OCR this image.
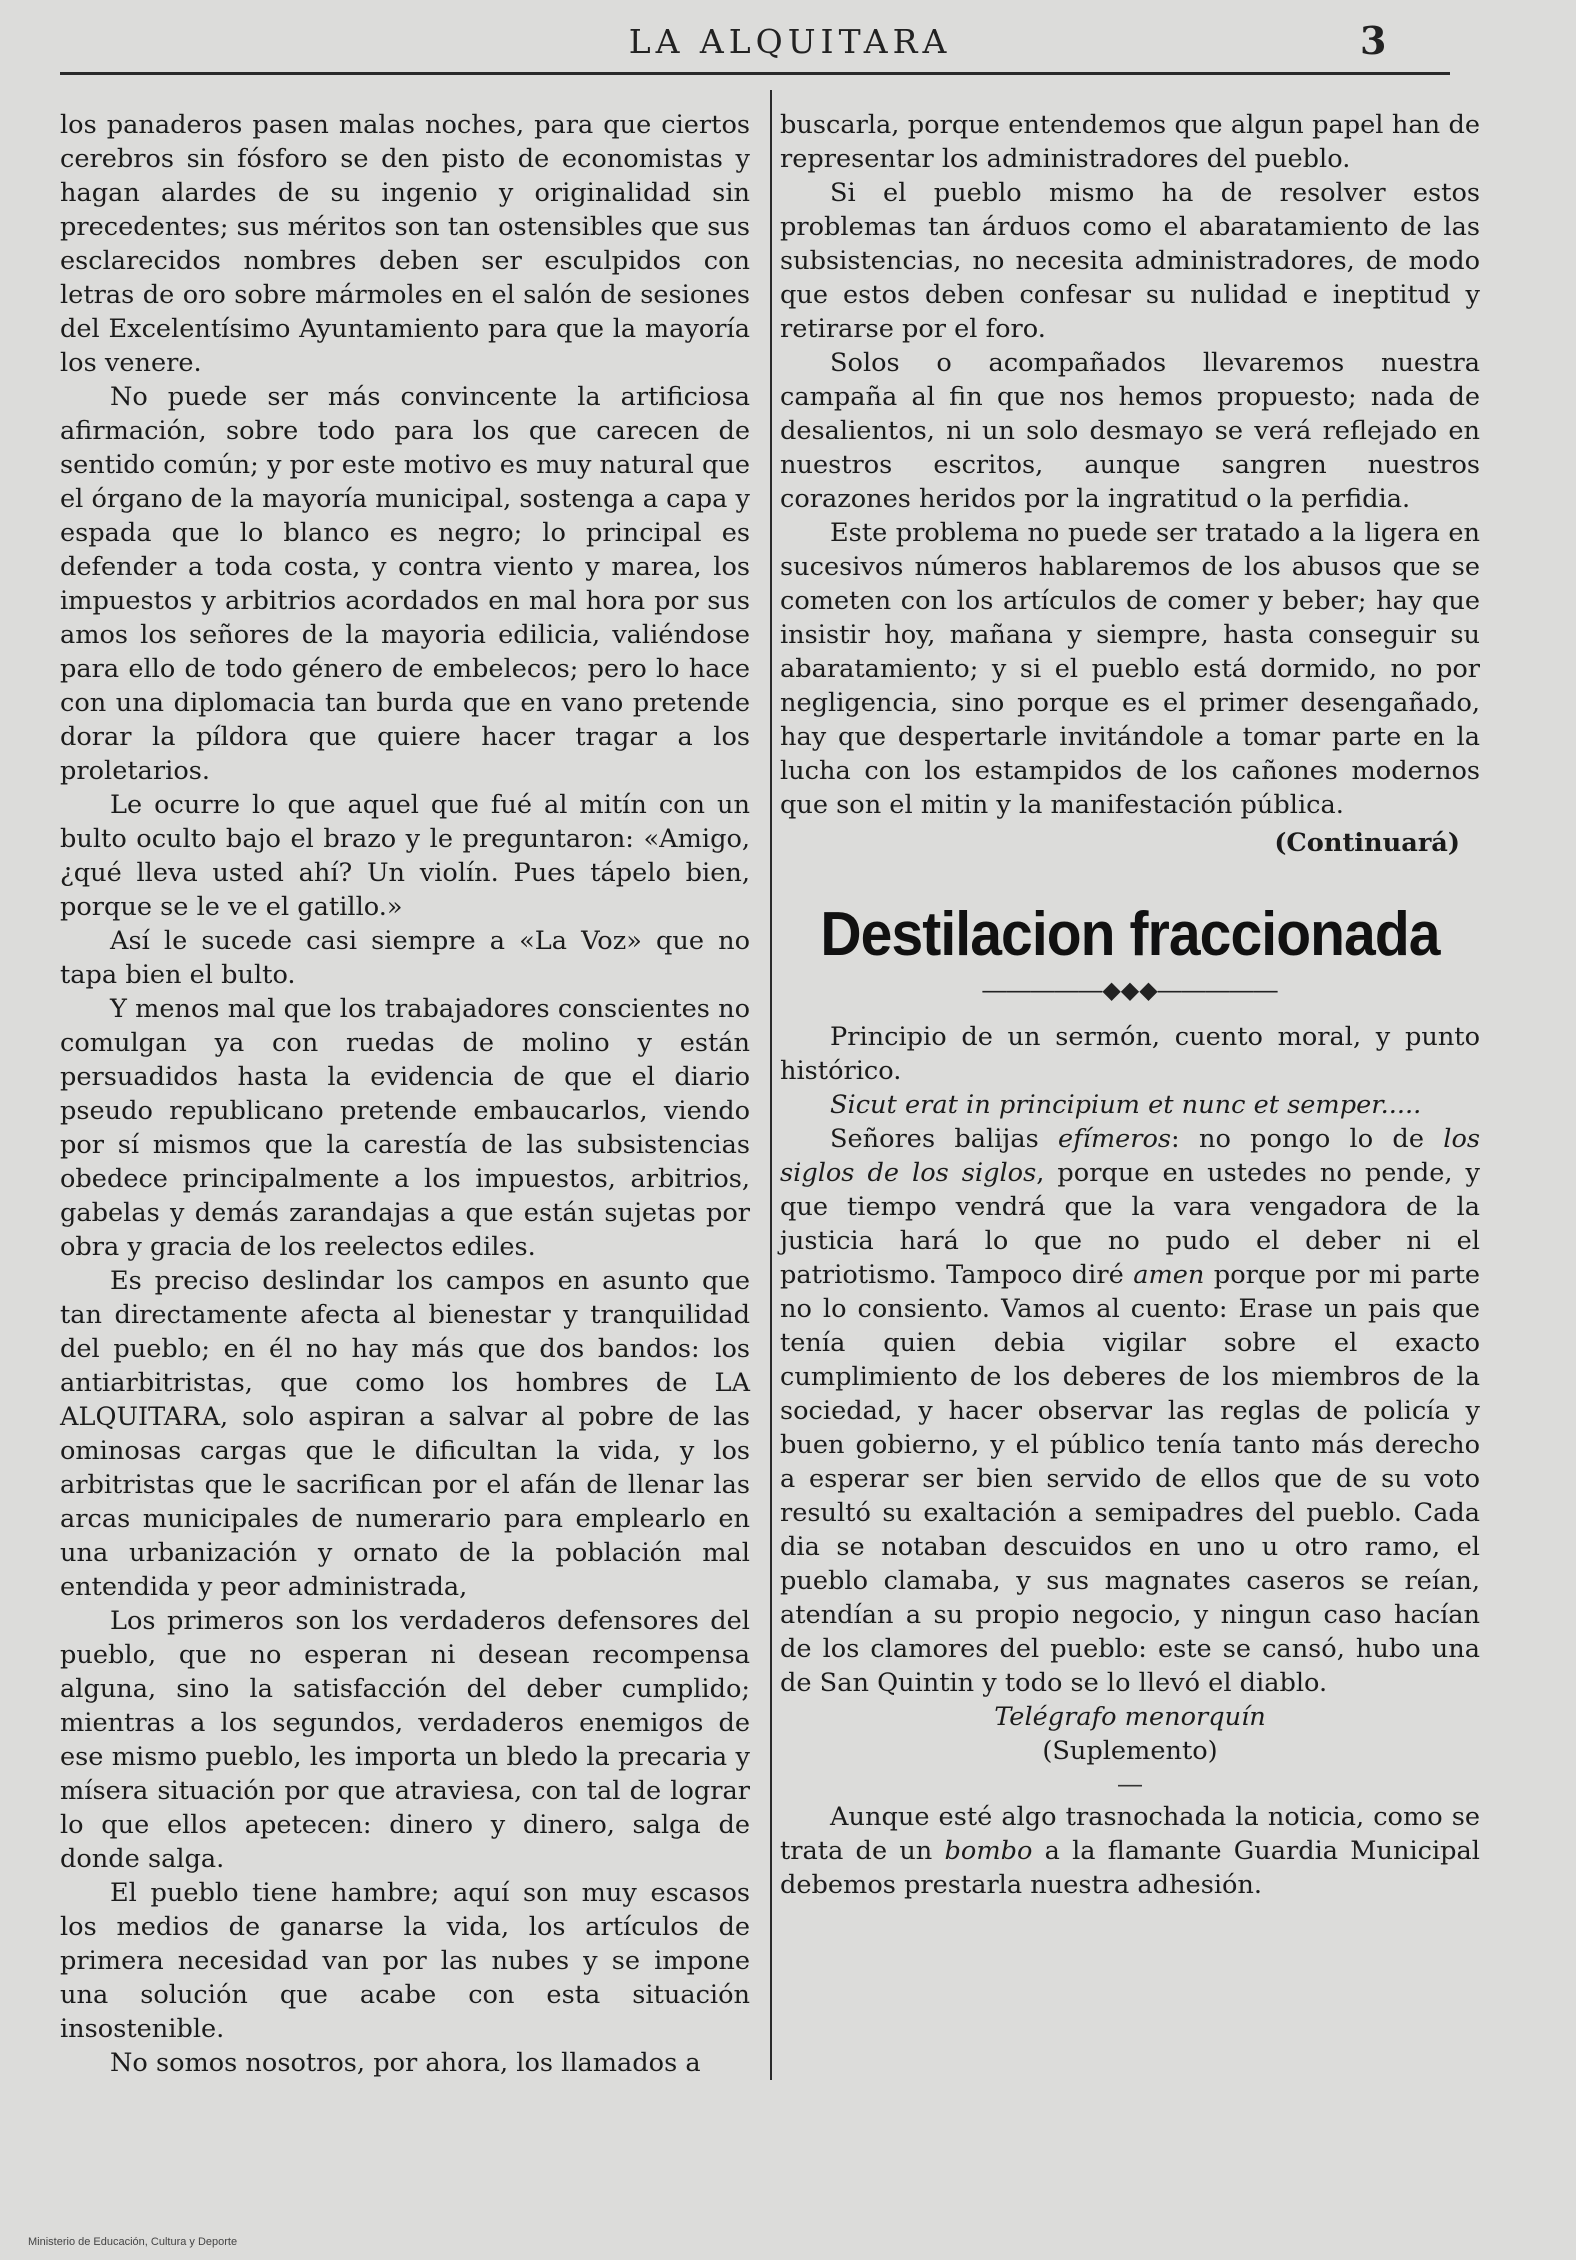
LA ALQUITARA	3

los panaderos pasen malas noches, para que ciertos cerebros sin fósforo se den pisto de economistas y hagan alardes de su ingenio y originalidad sin precedentes; sus méritos son tan ostensibles que sus esclarecidos nombres deben ser esculpidos con letras de oro sobre mármoles en el salón de sesiones del Excelentísimo Ayuntamiento para que la mayoría los venere.

No puede ser más convincente la artificiosa afirmación, sobre todo para los que carecen de sentido común; y por este motivo es muy natural que el órgano de la mayoría municipal, sostenga a capa y espada que lo blanco es negro; lo principal es defender a toda costa, y contra viento y marea, los impuestos y arbitrios acordados en mal hora por sus amos los señores de la mayoria edilicia, valiéndose para ello de todo género de embelecos; pero lo hace con una diplomacia tan burda que en vano pretende dorar la píldora que quiere hacer tragar a los proletarios.

Le ocurre lo que aquel que fué al mitín con un bulto oculto bajo el brazo y le preguntaron: «Amigo, ¿qué lleva usted ahí? Un violín. Pues tápelo bien, porque se le ve el gatillo.»

Así le sucede casi siempre a «La Voz» que no tapa bien el bulto.

Y menos mal que los trabajadores conscientes no comulgan ya con ruedas de molino y están persuadidos hasta la evidencia de que el diario pseudo republicano pretende embaucarlos, viendo por sí mismos que la carestía de las subsistencias obedece principalmente a los impuestos, arbitrios, gabelas y demás zarandajas a que están sujetas por obra y gracia de los reelectos ediles.

Es preciso deslindar los campos en asunto que tan directamente afecta al bienestar y tranquilidad del pueblo; en él no hay más que dos bandos: los antiarbitristas, que como los hombres de LA ALQUITARA, solo aspiran a salvar al pobre de las ominosas cargas que le dificultan la vida, y los arbitristas que le sacrifican por el afán de llenar las arcas municipales de numerario para emplearlo en una urbanización y ornato de la población mal entendida y peor administrada,

Los primeros son los verdaderos defensores del pueblo, que no esperan ni desean recompensa alguna, sino la satisfacción del deber cumplido; mientras a los segundos, verdaderos enemigos de ese mismo pueblo, les importa un bledo la precaria y mísera situación por que atraviesa, con tal de lograr lo que ellos apetecen: dinero y dinero, salga de donde salga.

El pueblo tiene hambre; aquí son muy escasos los medios de ganarse la vida, los artículos de primera necesidad van por las nubes y se impone una solución que acabe con esta situación insostenible.

No somos nosotros, por ahora, los llamados a

buscarla, porque entendemos que algun papel han de representar los administradores del pueblo.

Si el pueblo mismo ha de resolver estos problemas tan árduos como el abaratamiento de las subsistencias, no necesita administradores, de modo que estos deben confesar su nulidad e ineptitud y retirarse por el foro.

Solos o acompañados llevaremos nuestra campaña al fin que nos hemos propuesto; nada de desalientos, ni un solo desmayo se verá reflejado en nuestros escritos, aunque sangren nuestros corazones heridos por la ingratitud o la perfidia.

Este problema no puede ser tratado a la ligera en sucesivos números hablaremos de los abusos que se cometen con los artículos de comer y beber; hay que insistir hoy, mañana y siempre, hasta conseguir su abaratamiento; y si el pueblo está dormido, no por negligencia, sino porque es el primer desengañado, hay que despertarle invitándole a tomar parte en la lucha con los estampidos de los cañones modernos que son el mitin y la manifestación pública.

(Continuará)
Destilacion fraccionada
―――――◆◆◆―――――

Principio de un sermón, cuento moral, y punto histórico.

Sicut erat in principium et nunc et semper.....

Señores balijas efímeros: no pongo lo de los siglos de los siglos, porque en ustedes no pende, y que tiempo vendrá que la vara vengadora de la justicia hará lo que no pudo el deber ni el patriotismo. Tampoco diré amen porque por mi parte no lo consiento. Vamos al cuento: Erase un pais que tenía quien debia vigilar sobre el exacto cumplimiento de los deberes de los miembros de la sociedad, y hacer observar las reglas de policía y buen gobierno, y el público tenía tanto más derecho a esperar ser bien servido de ellos que de su voto resultó su exaltación a semipadres del pueblo. Cada dia se notaban descuidos en uno u otro ramo, el pueblo clamaba, y sus magnates caseros se reían, atendían a su propio negocio, y ningun caso hacían de los clamores del pueblo: este se cansó, hubo una de San Quintin y todo se lo llevó el diablo.

Telégrafo menorquín

(Suplemento)

―

Aunque esté algo trasnochada la noticia, como se trata de un bombo a la flamante Guardia Municipal debemos prestarla nuestra adhesión.

Ministerio de Educación, Cultura y Deporte
